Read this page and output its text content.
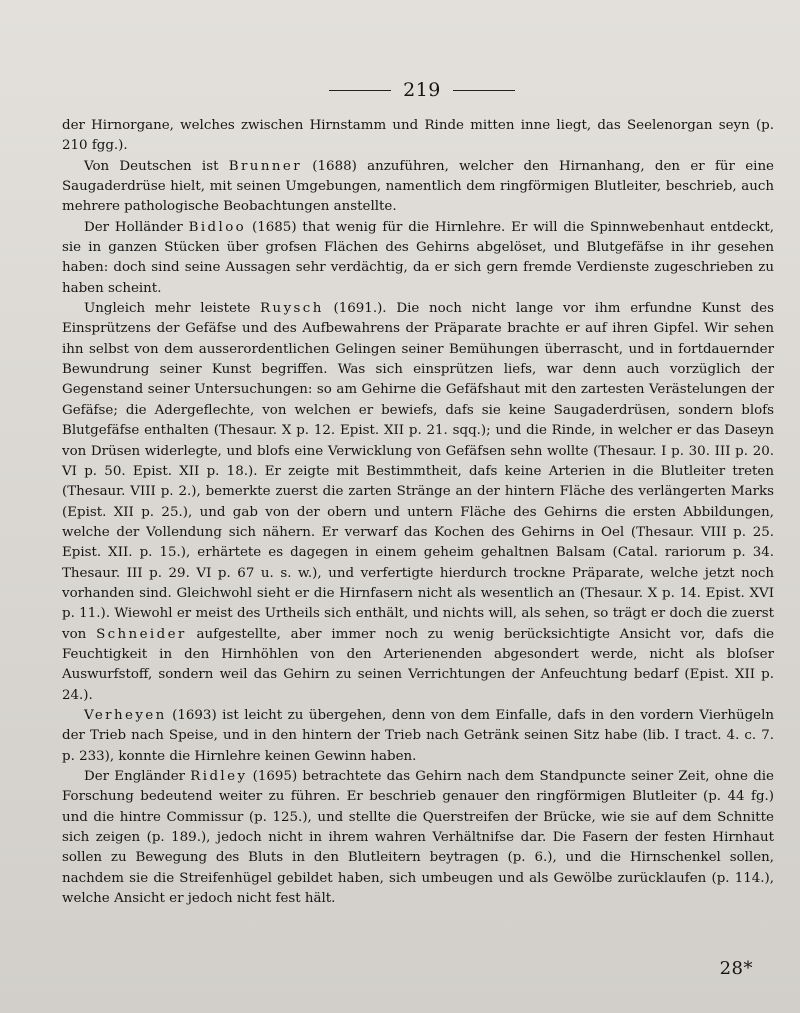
219

der Hirnorgane, welches zwischen Hirnstamm und Rinde mitten inne liegt, das Seelenorgan seyn (p. 210 fgg.).

Von Deutschen ist Brunner (1688) anzuführen, welcher den Hirnanhang, den er für eine Saugaderdrüse hielt, mit seinen Umgebungen, namentlich dem ringförmigen Blutleiter, beschrieb, auch mehrere pathologische Beobachtungen anstellte.

Der Holländer Bidloo (1685) that wenig für die Hirnlehre. Er will die Spinnwebenhaut entdeckt, sie in ganzen Stücken über grofsen Flächen des Gehirns abgelöset, und Blutgefäfse in ihr gesehen haben: doch sind seine Aussagen sehr verdächtig, da er sich gern fremde Verdienste zugeschrieben zu haben scheint.

Ungleich mehr leistete Ruysch (1691.). Die noch nicht lange vor ihm erfundne Kunst des Einsprützens der Gefäfse und des Aufbewahrens der Präparate brachte er auf ihren Gipfel. Wir sehen ihn selbst von dem ausserordentlichen Gelingen seiner Bemühungen überrascht, und in fortdauernder Bewundrung seiner Kunst begriffen. Was sich einsprützen liefs, war denn auch vorzüglich der Gegenstand seiner Untersuchungen: so am Gehirne die Gefäfshaut mit den zartesten Verästelungen der Gefäfse; die Adergeflechte, von welchen er bewiefs, dafs sie keine Saugaderdrüsen, sondern blofs Blutgefäfse enthalten (Thesaur. X p. 12. Epist. XII p. 21. sqq.); und die Rinde, in welcher er das Daseyn von Drüsen widerlegte, und blofs eine Verwicklung von Gefäfsen sehn wollte (Thesaur. I p. 30. III p. 20. VI p. 50. Epist. XII p. 18.). Er zeigte mit Bestimmtheit, dafs keine Arterien in die Blutleiter treten (Thesaur. VIII p. 2.), bemerkte zuerst die zarten Stränge an der hintern Fläche des verlängerten Marks (Epist. XII p. 25.), und gab von der obern und untern Fläche des Gehirns die ersten Abbildungen, welche der Vollendung sich nähern. Er verwarf das Kochen des Gehirns in Oel (Thesaur. VIII p. 25. Epist. XII. p. 15.), erhärtete es dagegen in einem geheim gehaltnen Balsam (Catal. rariorum p. 34. Thesaur. III p. 29. VI p. 67 u. s. w.), und verfertigte hierdurch trockne Präparate, welche jetzt noch vorhanden sind. Gleichwohl sieht er die Hirnfasern nicht als wesentlich an (Thesaur. X p. 14. Epist. XVI p. 11.). Wiewohl er meist des Urtheils sich enthält, und nichts will, als sehen, so trägt er doch die zuerst von Schneider aufgestellte, aber immer noch zu wenig berücksichtigte Ansicht vor, dafs die Feuchtigkeit in den Hirnhöhlen von den Arterienenden abgesondert werde, nicht als bloſser Auswurfstoff, sondern weil das Gehirn zu seinen Verrichtungen der Anfeuchtung bedarf (Epist. XII p. 24.).

Verheyen (1693) ist leicht zu übergehen, denn von dem Einfalle, dafs in den vordern Vierhügeln der Trieb nach Speise, und in den hintern der Trieb nach Getränk seinen Sitz habe (lib. I tract. 4. c. 7. p. 233), konnte die Hirnlehre keinen Gewinn haben.

Der Engländer Ridley (1695) betrachtete das Gehirn nach dem Standpuncte seiner Zeit, ohne die Forschung bedeutend weiter zu führen. Er beschrieb genauer den ringförmigen Blutleiter (p. 44 fg.) und die hintre Commissur (p. 125.), und stellte die Querstreifen der Brücke, wie sie auf dem Schnitte sich zeigen (p. 189.), jedoch nicht in ihrem wahren Verhältnifse dar. Die Fasern der festen Hirnhaut sollen zu Bewegung des Bluts in den Blutleitern beytragen (p. 6.), und die Hirnschenkel sollen, nachdem sie die Streifenhügel gebildet haben, sich umbeugen und als Gewölbe zurücklaufen (p. 114.), welche Ansicht er jedoch nicht fest hält.

28*
